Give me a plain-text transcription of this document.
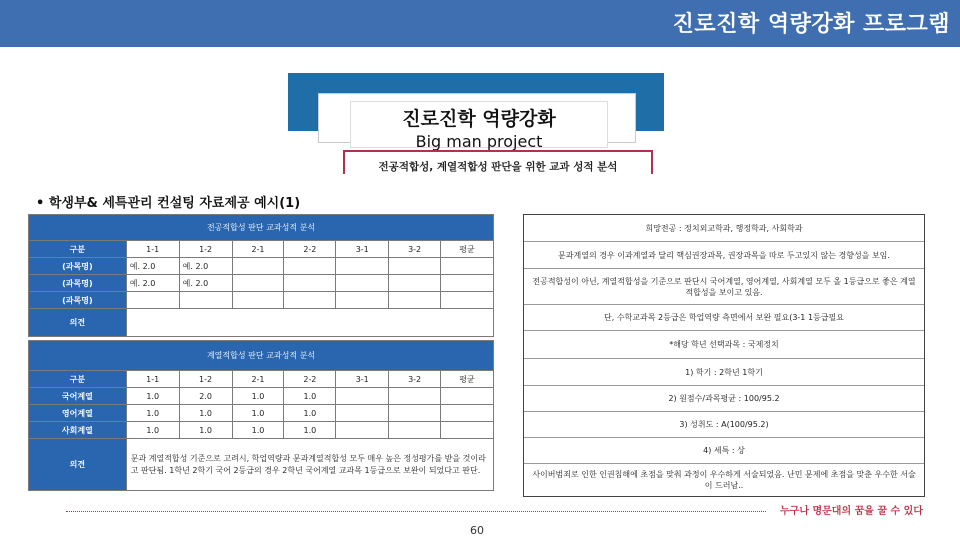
진로진학 역량강화 프로그램
진로진학 역량강화
Big man project
전공적합성, 계열적합성 판단을 위한 교과 성적 분석
• 학생부& 세특관리 컨설팅 자료제공 예시(1)
전공적합성 판단 교과성적 분석							
구분	1-1	1-2	2-1	2-2	3-1	3-2	평균
(과목명)	예. 2.0	예. 2.0					
(과목명)	예. 2.0	예. 2.0					
(과목명)							
의견							
계열적합성 판단 교과성적 분석							
구분	1-1	1-2	2-1	2-2	3-1	3-2	평균
국어계열	1.0	2.0	1.0	1.0			
영어계열	1.0	1.0	1.0	1.0			
사회계열	1.0	1.0	1.0	1.0			
의견	문과 계열적합성 기준으로 고려시, 학업역량과 문과계열적합성 모두 매우 높은 정성평가를 받을 것이라고 판단됨. 1학년 2학기 국어 2등급의 경우 2학년 국어계열 교과목 1등급으로 보완이 되었다고 판단.						
희망전공 : 정치외교학과, 행정학과, 사회학과
문과계열의 경우 이과계열과 달리 핵심권장과목, 권장과목을 따로 두고있지 않는 경향성을 보임.
전공적합성이 아닌, 계열적합성을 기준으로 판단시 국어계열, 영어계열, 사회계열 모두 올 1등급으로 좋은 계열적합성을 보이고 있음.
단, 수학교과목 2등급은 학업역량 측면에서 보완 필요(3-1 1등급필요
*해당 학년 선택과목 : 국제정치
1) 학기 : 2학년 1학기
2) 원점수/과목평균 : 100/95.2
3) 성취도 : A(100/95.2)
4) 세특 : 상
사이버범죄로 인한 인권침해에 초점을 맞춰 과정이 우수하게 서술되었음. 난민 문제에 초점을 맞춘 우수한 서술이 드러남..
누구나 명문대의 꿈을 꿀 수 있다
60
